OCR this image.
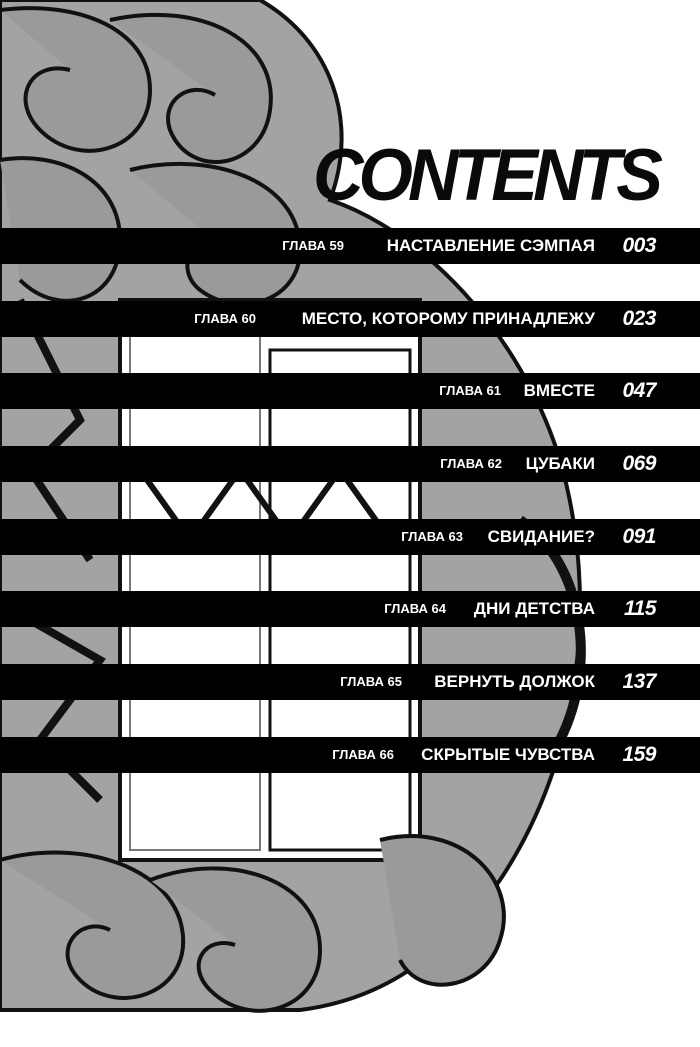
CONTENTS
ГЛАВА 59	НАСТАВЛЕНИЕ СЭМПАЯ 003
ГЛАВА 60	МЕСТО, КОТОРОМУ ПРИНАДЛЕЖУ 023
ГЛАВА 61 ВМЕСТЕ 047
ГЛАВА 62 ЦУБАКИ 069
ГЛАВА 63 СВИДАНИЕ? 091
ГЛАВА 64 ДНИ ДЕТСТВА 115
ГЛАВА 65 ВЕРНУТЬ ДОЛЖОК 137
ГЛАВА 66 СКРЫТЫЕ ЧУВСТВА 159
